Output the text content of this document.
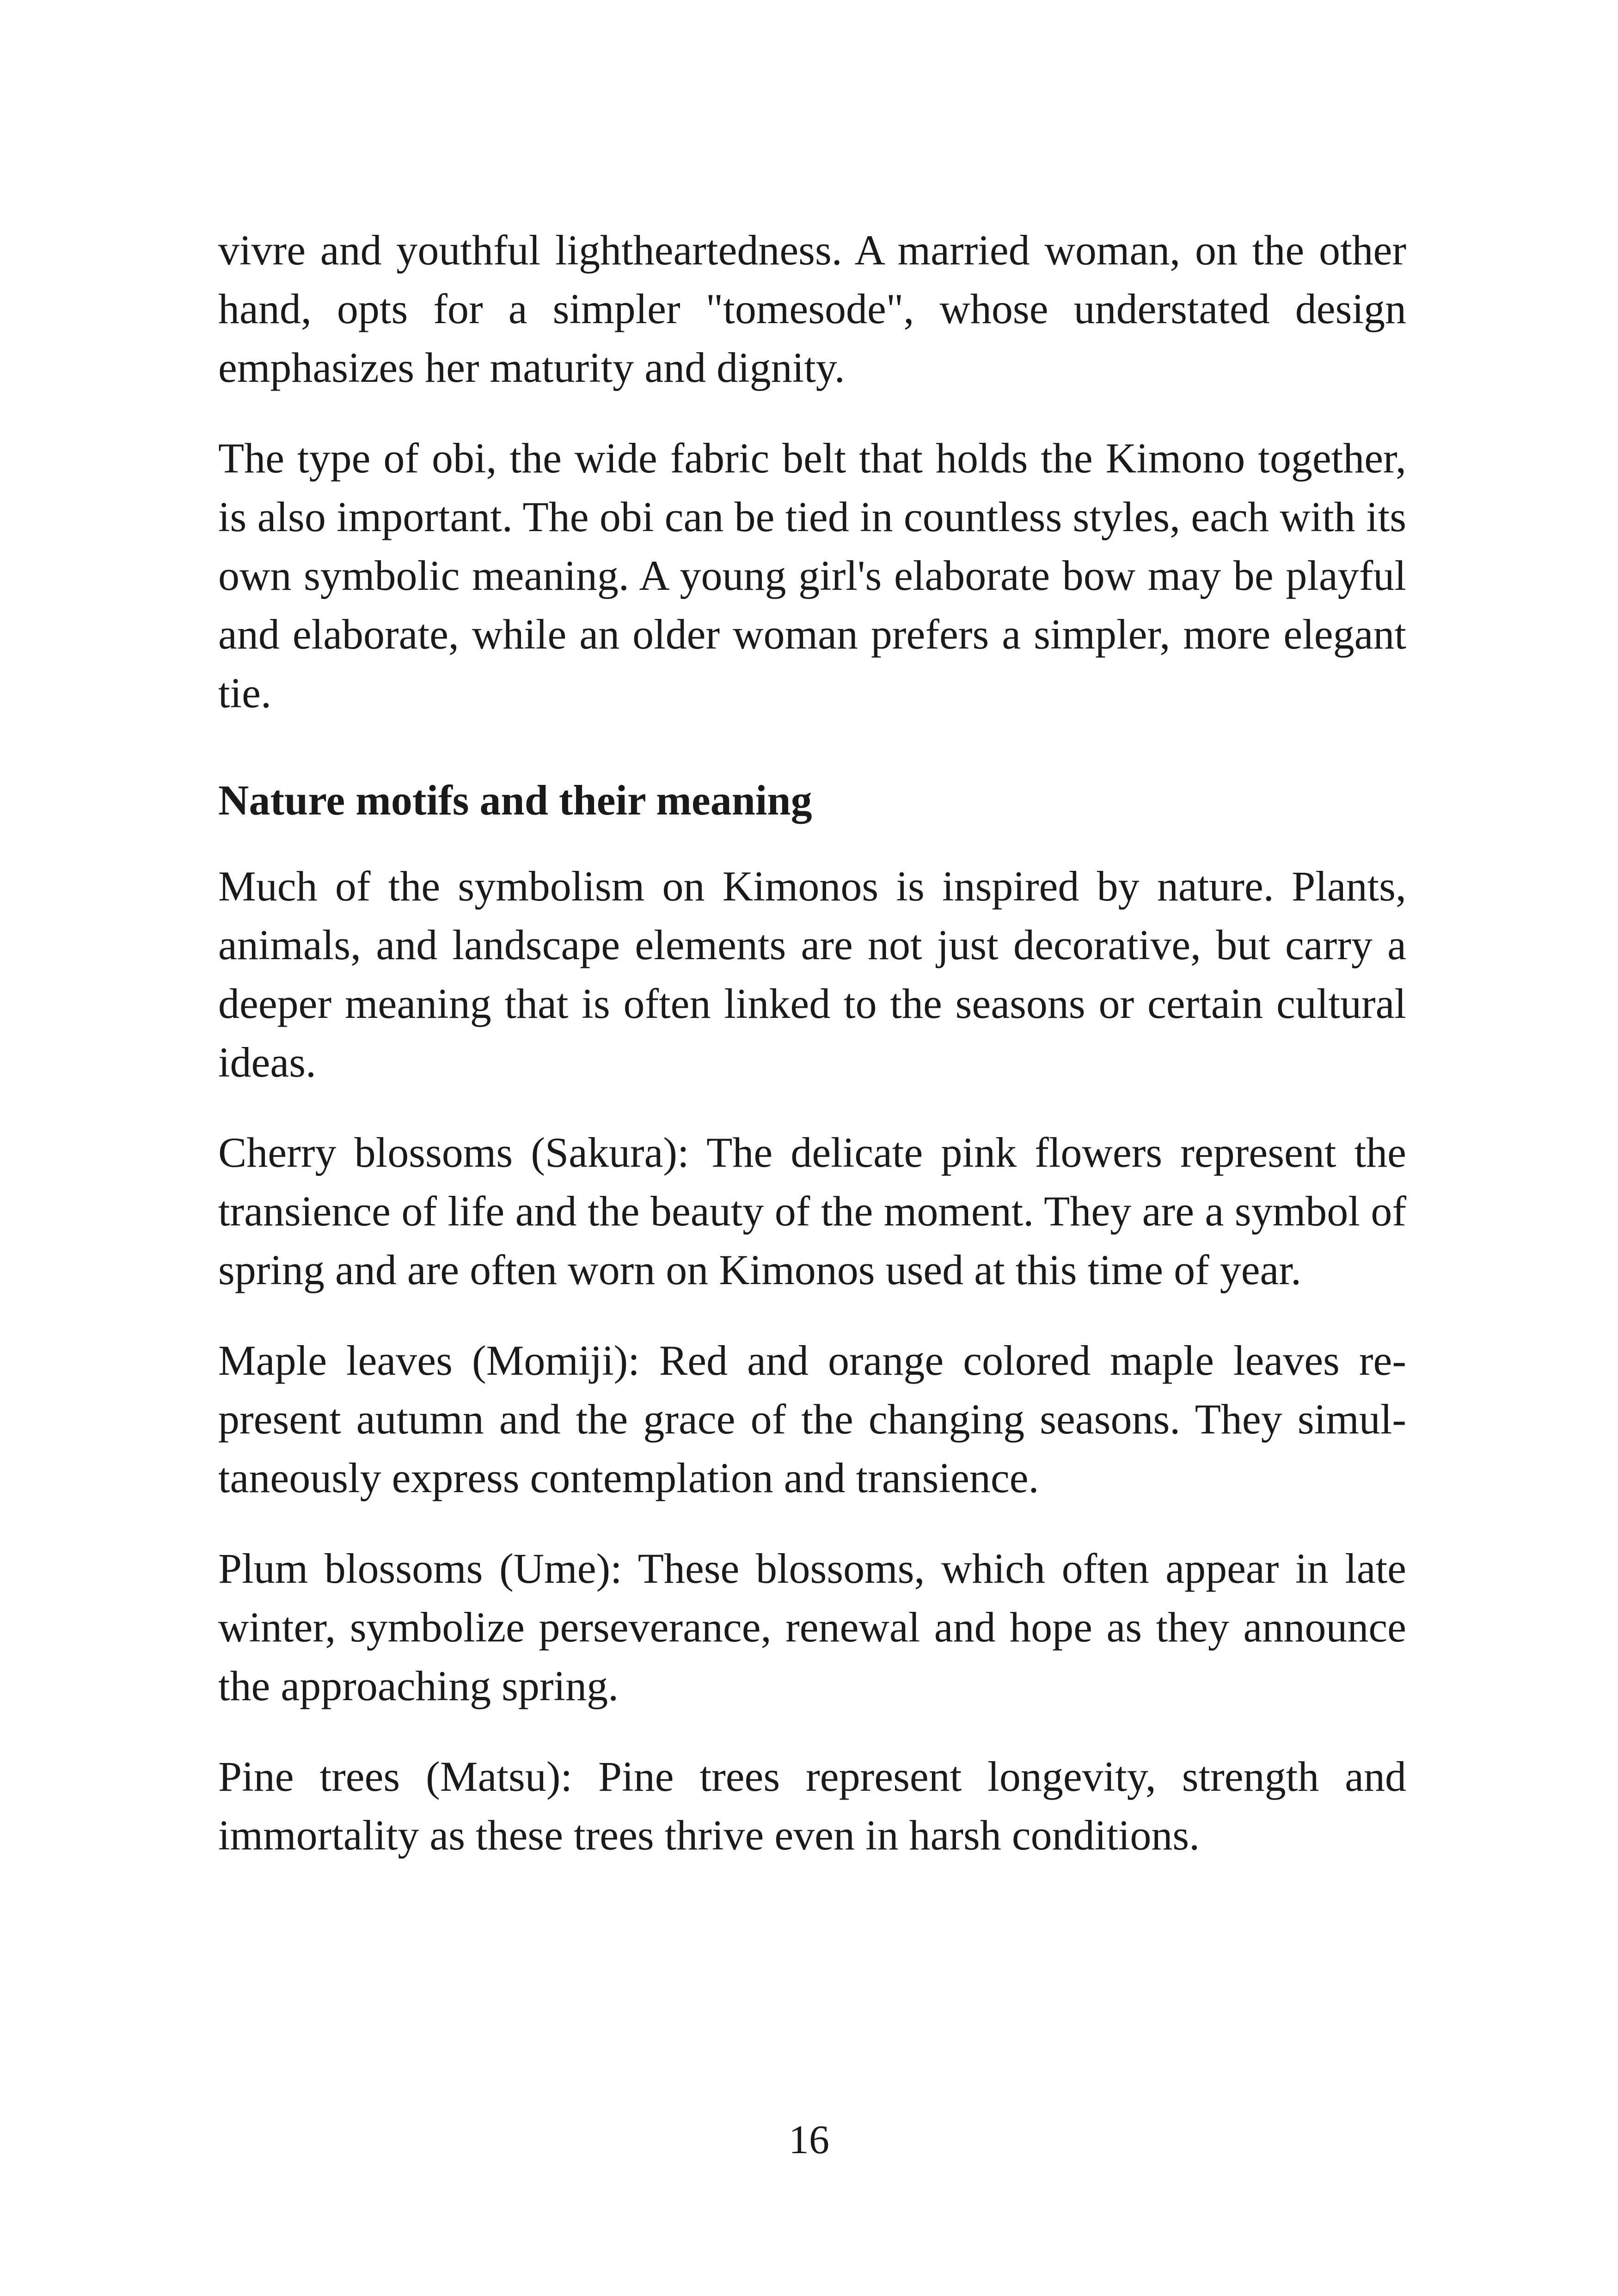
vivre and youthful lightheartedness. A married woman, on the other hand, opts for a simpler "tomesode", whose understated design emphasizes her maturity and dignity.

The type of obi, the wide fabric belt that holds the Kimono together, is also important. The obi can be tied in countless styles, each with its own symbolic meaning. A young girl's elaborate bow may be playful and elaborate, while an older woman prefers a simpler, more elegant tie.

Nature motifs and their meaning

Much of the symbolism on Kimonos is inspired by nature. Plants, animals, and landscape elements are not just decorative, but carry a deeper meaning that is often linked to the seasons or certain cultural ideas.

Cherry blossoms (Sakura): The delicate pink flowers represent the transience of life and the beauty of the moment. They are a symbol of spring and are often worn on Kimonos used at this time of year.

Maple leaves (Momiji): Red and orange colored maple leaves represent autumn and the grace of the changing seasons. They simultaneously express contemplation and transience.

Plum blossoms (Ume): These blossoms, which often appear in late winter, symbolize perseverance, renewal and hope as they announce the approaching spring.

Pine trees (Matsu): Pine trees represent longevity, strength and immortality as these trees thrive even in harsh conditions.

16
